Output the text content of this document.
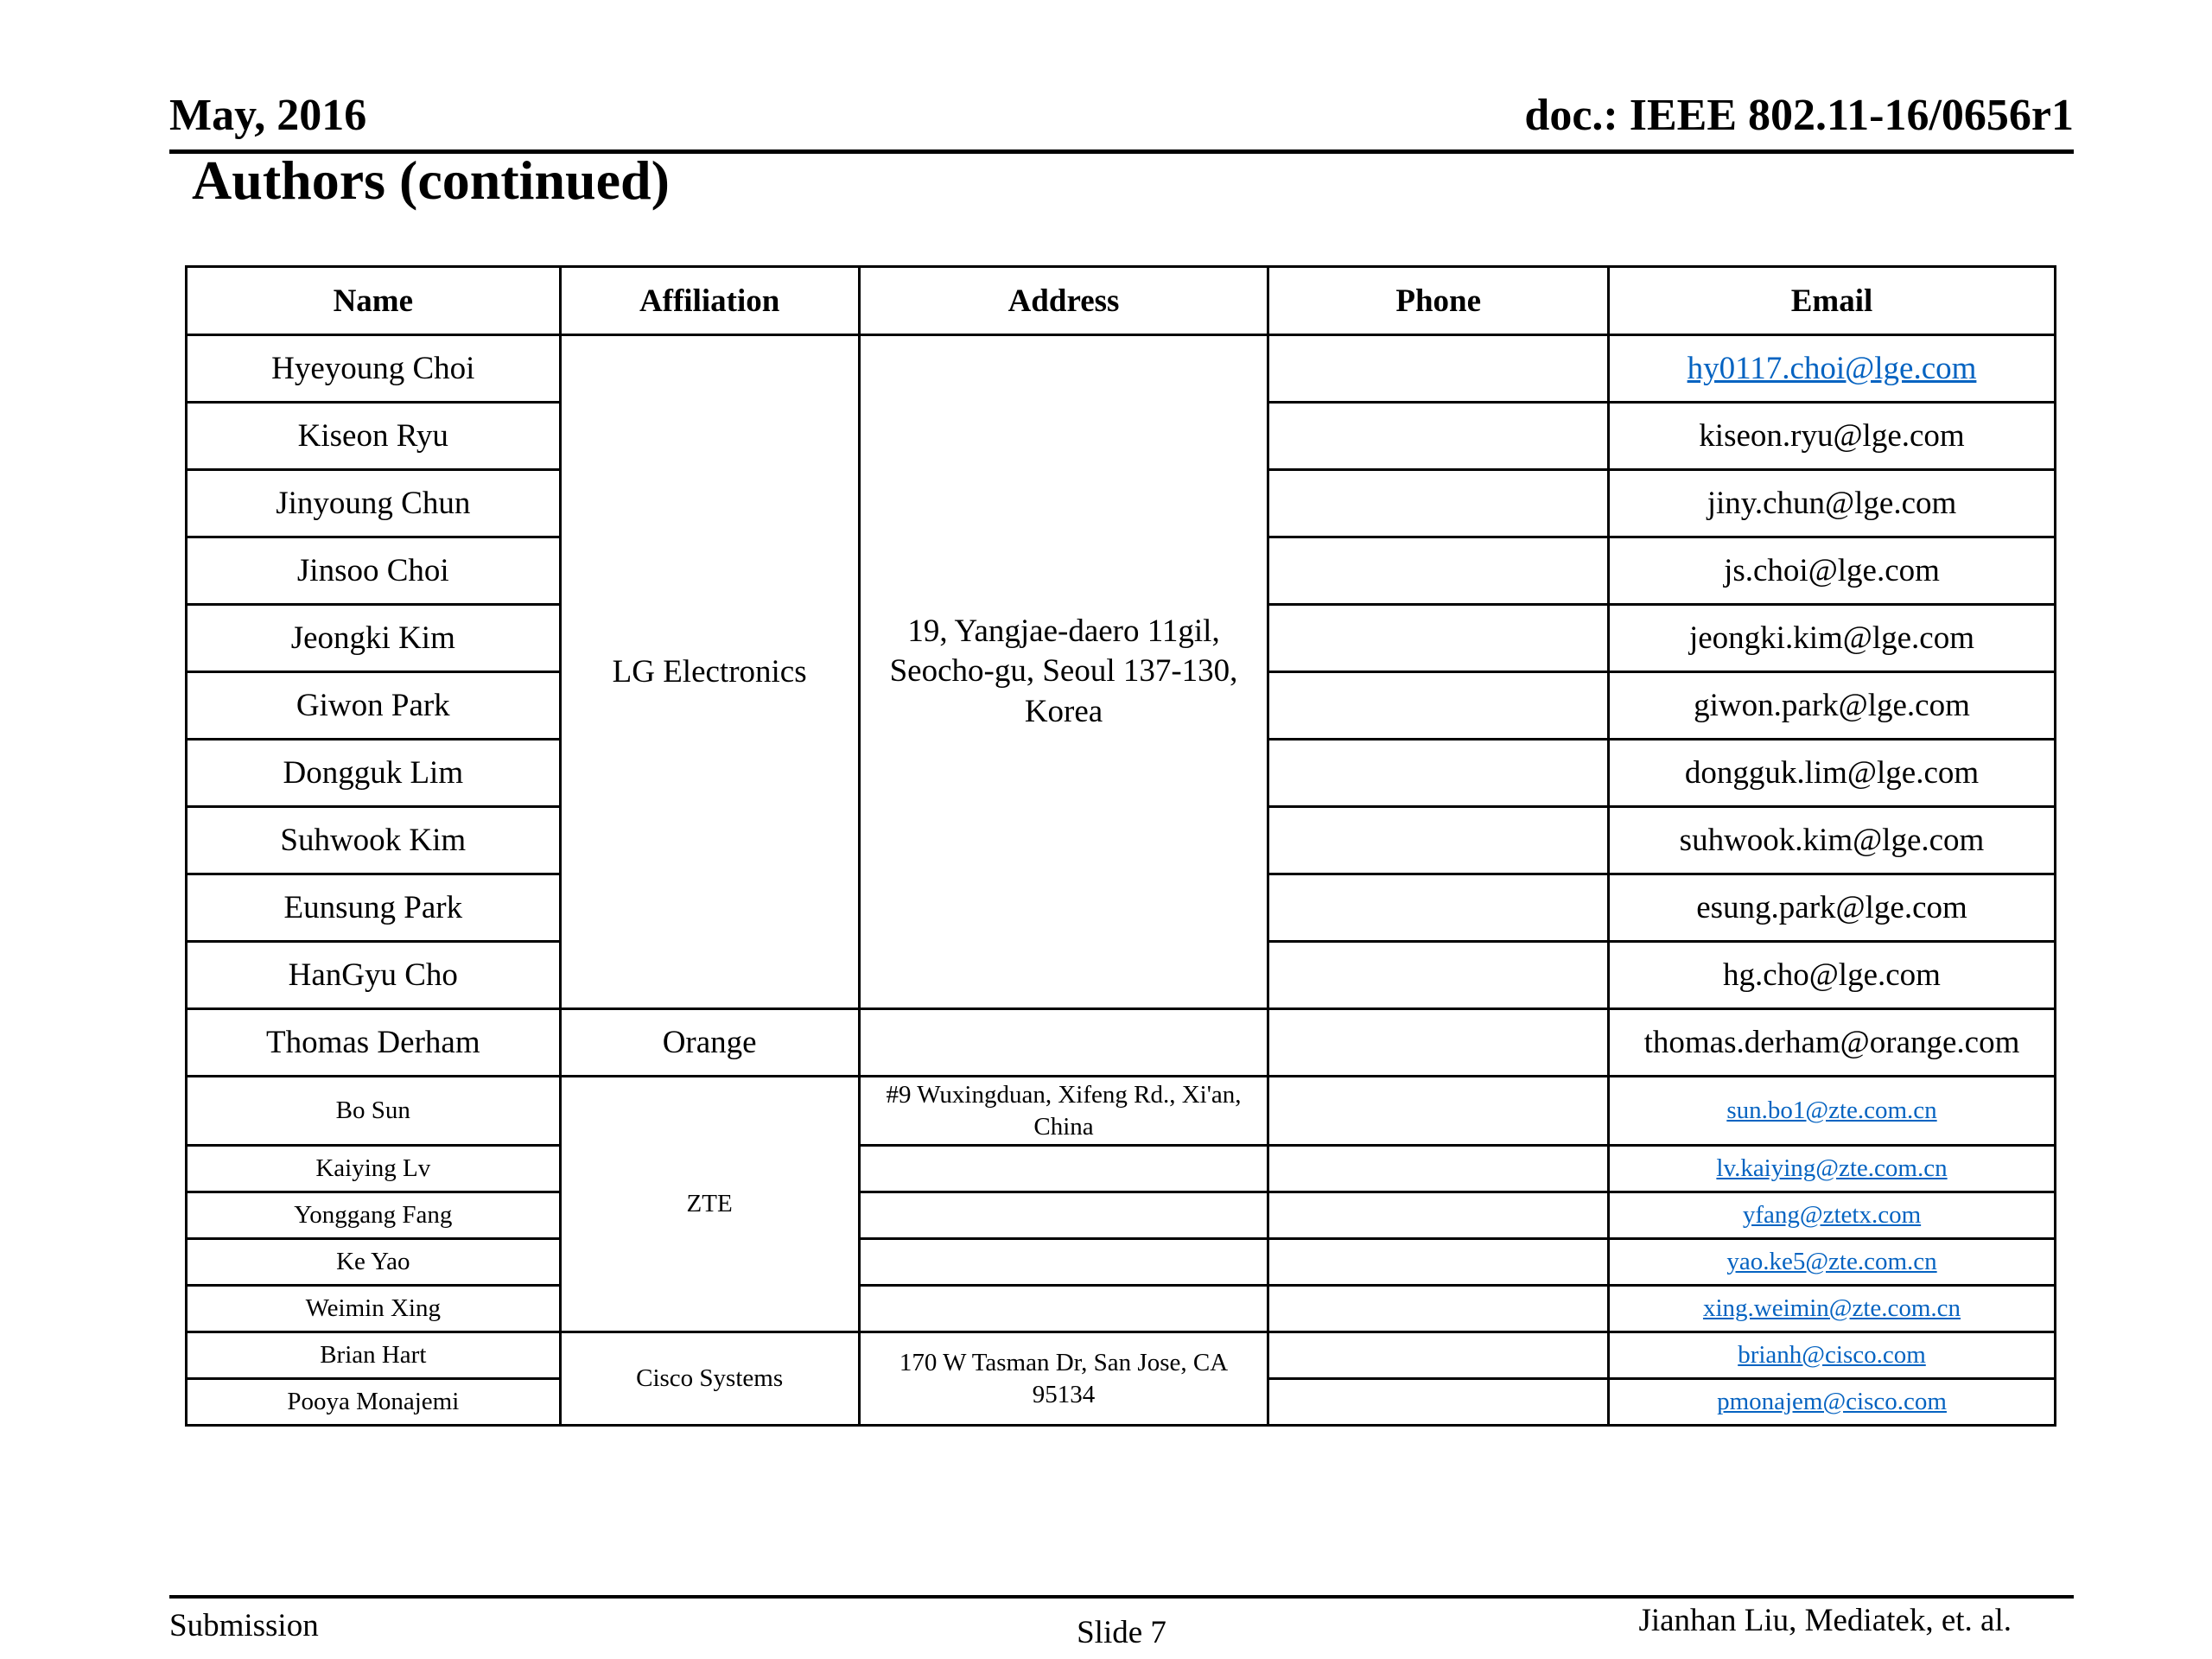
May, 2016	doc.: IEEE 802.11-16/0656r1
Authors (continued)
Name	Affiliation	Address	Phone	Email
Hyeyoung Choi	LG Electronics	19, Yangjae-daero 11gil, Seocho-gu, Seoul 137-130, Korea		hy0117.choi@lge.com
Kiseon Ryu				kiseon.ryu@lge.com
Jinyoung Chun				jiny.chun@lge.com
Jinsoo Choi				js.choi@lge.com
Jeongki Kim				jeongki.kim@lge.com
Giwon Park				giwon.park@lge.com
Dongguk Lim				dongguk.lim@lge.com
Suhwook Kim				suhwook.kim@lge.com
Eunsung Park				esung.park@lge.com
HanGyu Cho				hg.cho@lge.com
Thomas Derham	Orange			thomas.derham@orange.com
Bo Sun	ZTE	#9 Wuxingduan, Xifeng Rd., Xi'an, China		sun.bo1@zte.com.cn
Kaiying Lv				lv.kaiying@zte.com.cn
Yonggang Fang				yfang@ztetx.com
Ke Yao				yao.ke5@zte.com.cn
Weimin Xing				xing.weimin@zte.com.cn
Brian Hart	Cisco Systems	170 W Tasman Dr, San Jose, CA 95134		brianh@cisco.com
Pooya Monajemi				pmonajem@cisco.com
Submission	Slide 7	Jianhan Liu, Mediatek, et. al.
